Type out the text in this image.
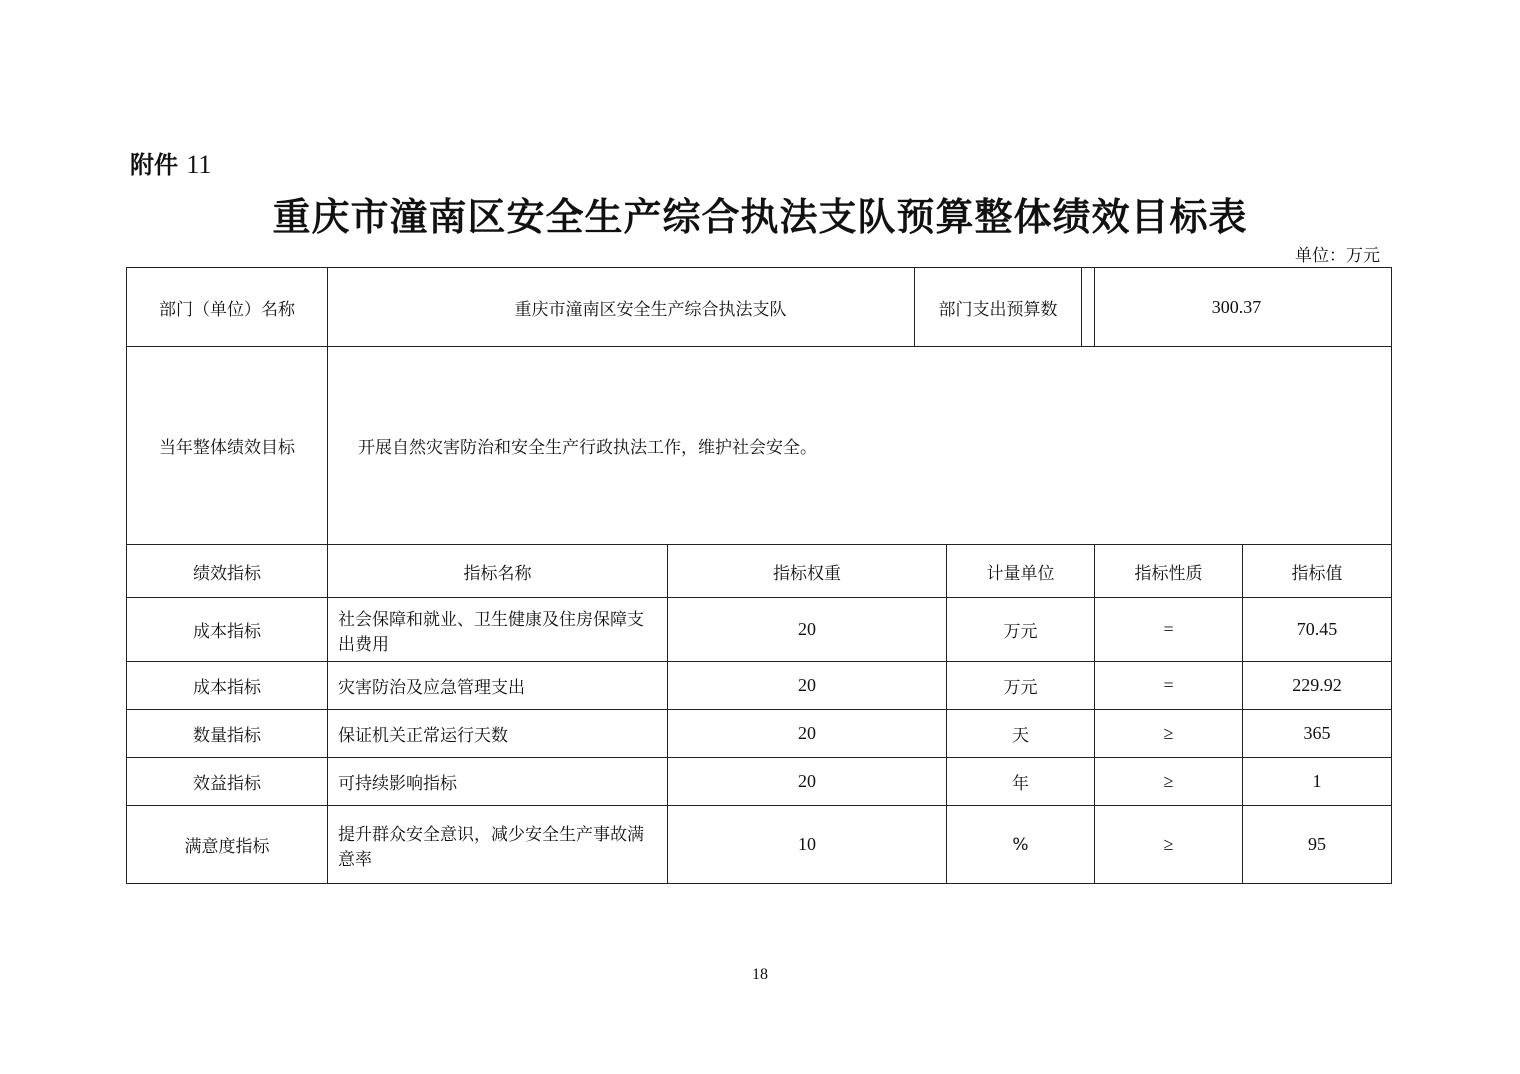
附件 11
重庆市潼南区安全生产综合执法支队预算整体绩效目标表
单位：万元
部门（单位）名称	重庆市潼南区安全生产综合执法支队			部门支出预算数 300.37	

当年整体绩效目标	开展自然灾害防治和安全生产行政执法工作，维护社会安全。				
绩效指标	指标名称	指标权重	计量单位	指标性质	指标值
成本指标	社会保障和就业、卫生健康及住房保障支出费用	20	万元	=	70.45
成本指标	灾害防治及应急管理支出	20	万元	=	229.92
数量指标	保证机关正常运行天数	20	天	≥	365
效益指标	可持续影响指标	20	年	≥	1
满意度指标	提升群众安全意识，减少安全生产事故满意率	10	%	≥	95
18
